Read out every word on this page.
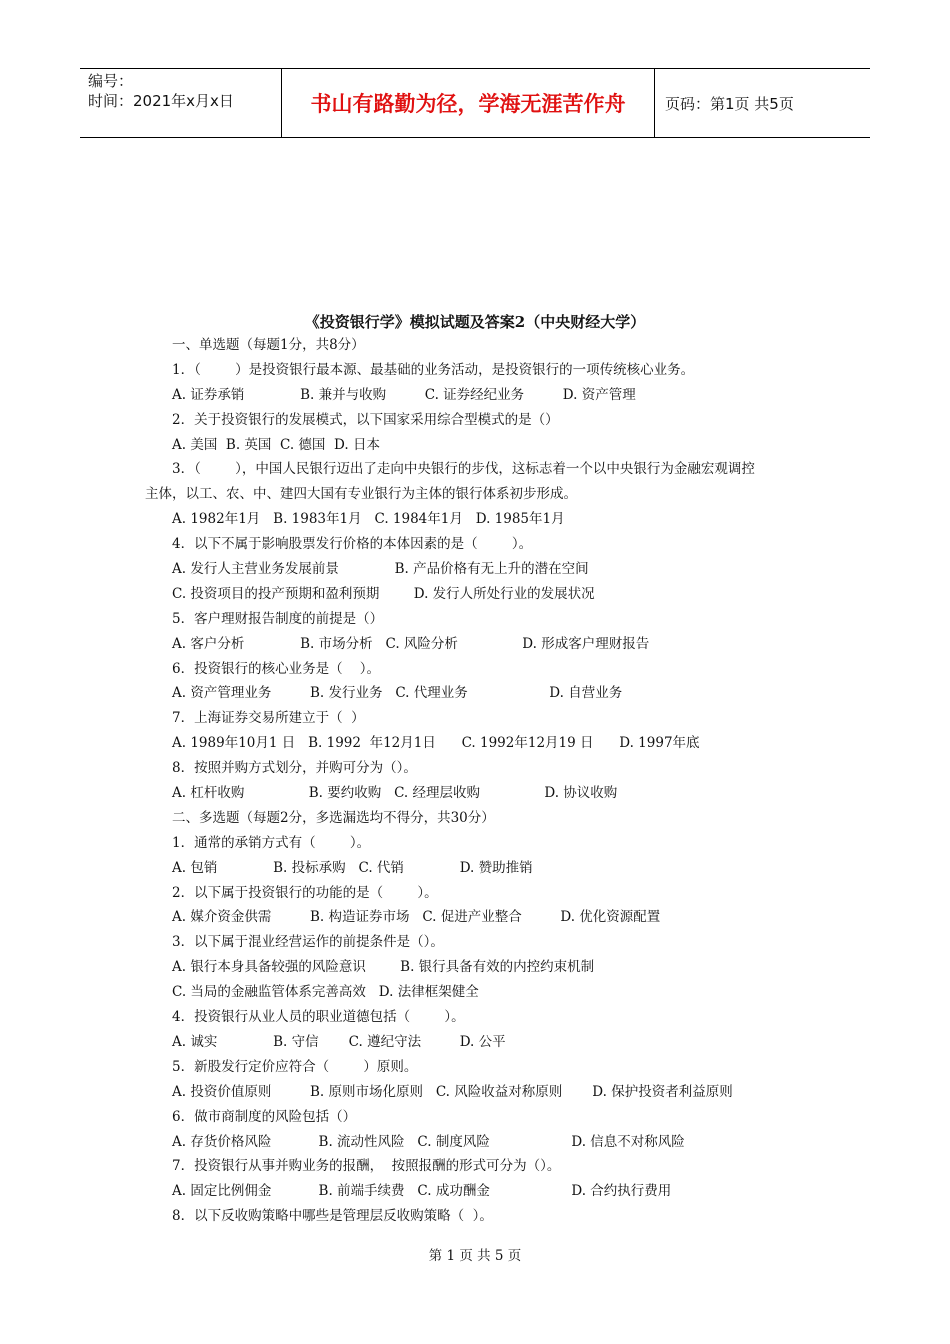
编号：
时间：2021年x月x日	书山有路勤为径，学海无涯苦作舟	页码：第1页 共5页
《投资银行学》模拟试题及答案2（中央财经大学）
一、单选题（每题1分，共8分）
1．（        ）是投资银行最本源、最基础的业务活动，是投资银行的一项传统核心业务。
A. 证券承销             B. 兼并与收购         C. 证券经纪业务         D. 资产管理
2．关于投资银行的发展模式，以下国家采用综合型模式的是（）
A. 美国  B. 英国  C. 德国  D. 日本
3．（        ），中国人民银行迈出了走向中央银行的步伐，这标志着一个以中央银行为金融宏观调控
主体，以工、农、中、建四大国有专业银行为主体的银行体系初步形成。
A. 1982年1月   B. 1983年1月   C. 1984年1月   D. 1985年1月
4．以下不属于影响股票发行价格的本体因素的是（        ）。
A. 发行人主营业务发展前景             B. 产品价格有无上升的潜在空间
C. 投资项目的投产预期和盈利预期        D. 发行人所处行业的发展状况
5．客户理财报告制度的前提是（）
A. 客户分析             B. 市场分析   C. 风险分析               D. 形成客户理财报告
6．投资银行的核心业务是（    ）。
A. 资产管理业务         B. 发行业务   C. 代理业务                   D. 自营业务
7．上海证券交易所建立于（  ）
A. 1989年10月1 日   B. 1992  年12月1日      C. 1992年12月19 日      D. 1997年底
8．按照并购方式划分，并购可分为（）。
A. 杠杆收购               B. 要约收购   C. 经理层收购               D. 协议收购
二、多选题（每题2分，多选漏选均不得分，共30分）
1．通常的承销方式有（        ）。
A. 包销             B. 投标承购   C. 代销             D. 赞助推销
2．以下属于投资银行的功能的是（        ）。
A. 媒介资金供需         B. 构造证券市场   C. 促进产业整合         D. 优化资源配置
3．以下属于混业经营运作的前提条件是（）。
A. 银行本身具备较强的风险意识        B. 银行具备有效的内控约束机制
C. 当局的金融监管体系完善高效   D. 法律框架健全
4．投资银行从业人员的职业道德包括（        ）。
A. 诚实             B. 守信       C. 遵纪守法         D. 公平
5．新股发行定价应符合（        ）原则。
A. 投资价值原则         B. 原则市场化原则   C. 风险收益对称原则       D. 保护投资者利益原则
6．做市商制度的风险包括（）
A. 存货价格风险           B. 流动性风险   C. 制度风险                   D. 信息不对称风险
7．投资银行从事并购业务的报酬，  按照报酬的形式可分为（）。
A. 固定比例佣金           B. 前端手续费   C. 成功酬金                   D. 合约执行费用
8．以下反收购策略中哪些是管理层反收购策略（  ）。
第 1 页 共 5 页
